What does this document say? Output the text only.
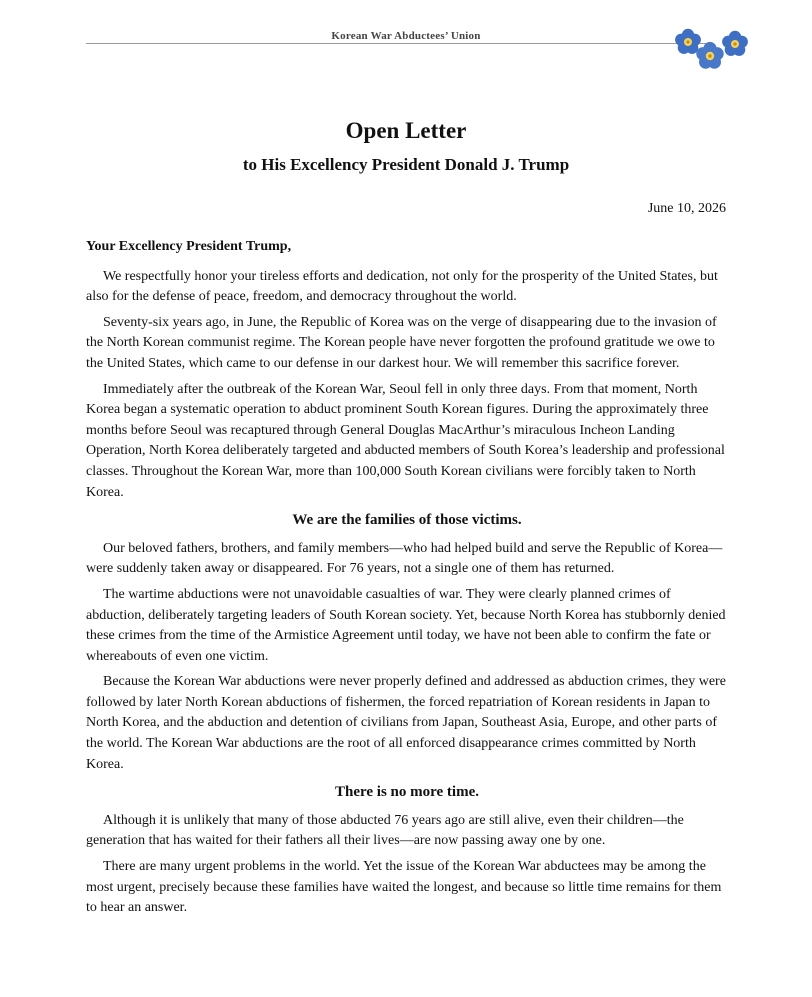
Korean War Abductees’ Union
Open Letter
to His Excellency President Donald J. Trump
June 10, 2026

Your Excellency President Trump,

We respectfully honor your tireless efforts and dedication, not only for the prosperity of the United States, but also for the defense of peace, freedom, and democracy throughout the world.

Seventy-six years ago, in June, the Republic of Korea was on the verge of disappearing due to the invasion of the North Korean communist regime. The Korean people have never forgotten the profound gratitude we owe to the United States, which came to our defense in our darkest hour. We will remember this sacrifice forever.

Immediately after the outbreak of the Korean War, Seoul fell in only three days. From that moment, North Korea began a systematic operation to abduct prominent South Korean figures. During the approximately three months before Seoul was recaptured through General Douglas MacArthur’s miraculous Incheon Landing Operation, North Korea deliberately targeted and abducted members of South Korea’s leadership and professional classes. Throughout the Korean War, more than 100,000 South Korean civilians were forcibly taken to North Korea.

We are the families of those victims.

Our beloved fathers, brothers, and family members—who had helped build and serve the Republic of Korea—were suddenly taken away or disappeared. For 76 years, not a single one of them has returned.

The wartime abductions were not unavoidable casualties of war. They were clearly planned crimes of abduction, deliberately targeting leaders of South Korean society. Yet, because North Korea has stubbornly denied these crimes from the time of the Armistice Agreement until today, we have not been able to confirm the fate or whereabouts of even one victim.

Because the Korean War abductions were never properly defined and addressed as abduction crimes, they were followed by later North Korean abductions of fishermen, the forced repatriation of Korean residents in Japan to North Korea, and the abduction and detention of civilians from Japan, Southeast Asia, Europe, and other parts of the world. The Korean War abductions are the root of all enforced disappearance crimes committed by North Korea.

There is no more time.

Although it is unlikely that many of those abducted 76 years ago are still alive, even their children—the generation that has waited for their fathers all their lives—are now passing away one by one.

There are many urgent problems in the world. Yet the issue of the Korean War abductees may be among the most urgent, precisely because these families have waited the longest, and because so little time remains for them to hear an answer.
